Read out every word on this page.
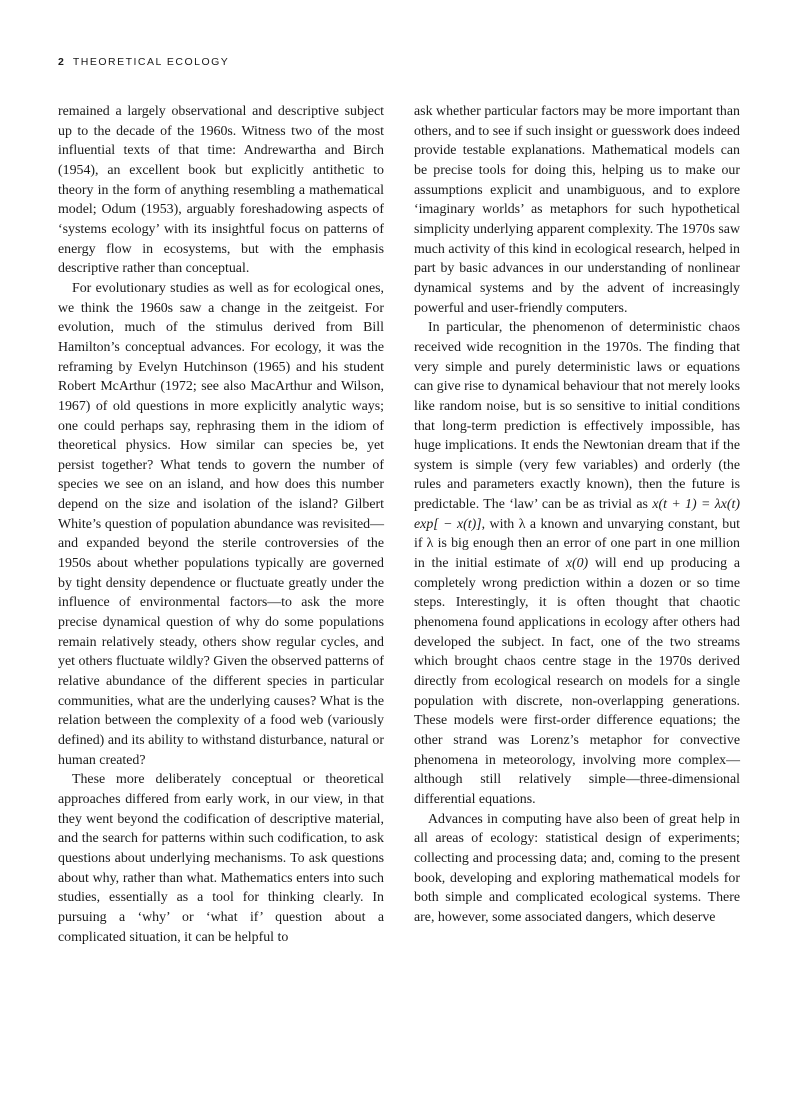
2 THEORETICAL ECOLOGY

remained a largely observational and descriptive subject up to the decade of the 1960s. Witness two of the most influential texts of that time: Andrewartha and Birch (1954), an excellent book but explicitly antithetic to theory in the form of anything resembling a mathematical model; Odum (1953), arguably foreshadowing aspects of ‘systems ecology’ with its insightful focus on patterns of energy flow in ecosystems, but with the emphasis descriptive rather than conceptual.

For evolutionary studies as well as for ecological ones, we think the 1960s saw a change in the zeitgeist. For evolution, much of the stimulus derived from Bill Hamilton’s conceptual advances. For ecology, it was the reframing by Evelyn Hutchinson (1965) and his student Robert McArthur (1972; see also MacArthur and Wilson, 1967) of old questions in more explicitly analytic ways; one could perhaps say, rephrasing them in the idiom of theoretical physics. How similar can species be, yet persist together? What tends to govern the number of species we see on an island, and how does this number depend on the size and isolation of the island? Gilbert White’s question of population abundance was revisited—and expanded beyond the sterile controversies of the 1950s about whether populations typically are governed by tight density dependence or fluctuate greatly under the influence of environmental factors—to ask the more precise dynamical question of why do some populations remain relatively steady, others show regular cycles, and yet others fluctuate wildly? Given the observed patterns of relative abundance of the different species in particular communities, what are the underlying causes? What is the relation between the complexity of a food web (variously defined) and its ability to withstand disturbance, natural or human created?

These more deliberately conceptual or theoretical approaches differed from early work, in our view, in that they went beyond the codification of descriptive material, and the search for patterns within such codification, to ask questions about underlying mechanisms. To ask questions about why, rather than what. Mathematics enters into such studies, essentially as a tool for thinking clearly. In pursuing a ‘why’ or ‘what if’ question about a complicated situation, it can be helpful to

ask whether particular factors may be more important than others, and to see if such insight or guesswork does indeed provide testable explanations. Mathematical models can be precise tools for doing this, helping us to make our assumptions explicit and unambiguous, and to explore ‘imaginary worlds’ as metaphors for such hypothetical simplicity underlying apparent complexity. The 1970s saw much activity of this kind in ecological research, helped in part by basic advances in our understanding of nonlinear dynamical systems and by the advent of increasingly powerful and user-friendly computers.

In particular, the phenomenon of deterministic chaos received wide recognition in the 1970s. The finding that very simple and purely deterministic laws or equations can give rise to dynamical behaviour that not merely looks like random noise, but is so sensitive to initial conditions that long-term prediction is effectively impossible, has huge implications. It ends the Newtonian dream that if the system is simple (very few variables) and orderly (the rules and parameters exactly known), then the future is predictable. The ‘law’ can be as trivial as x(t + 1) = λx(t) exp[ − x(t)], with λ a known and unvarying constant, but if λ is big enough then an error of one part in one million in the initial estimate of x(0) will end up producing a completely wrong prediction within a dozen or so time steps. Interestingly, it is often thought that chaotic phenomena found applications in ecology after others had developed the subject. In fact, one of the two streams which brought chaos centre stage in the 1970s derived directly from ecological research on models for a single population with discrete, non-overlapping generations. These models were first-order difference equations; the other strand was Lorenz’s metaphor for convective phenomena in meteorology, involving more complex—although still relatively simple—three-dimensional differential equations.

Advances in computing have also been of great help in all areas of ecology: statistical design of experiments; collecting and processing data; and, coming to the present book, developing and exploring mathematical models for both simple and complicated ecological systems. There are, however, some associated dangers, which deserve
